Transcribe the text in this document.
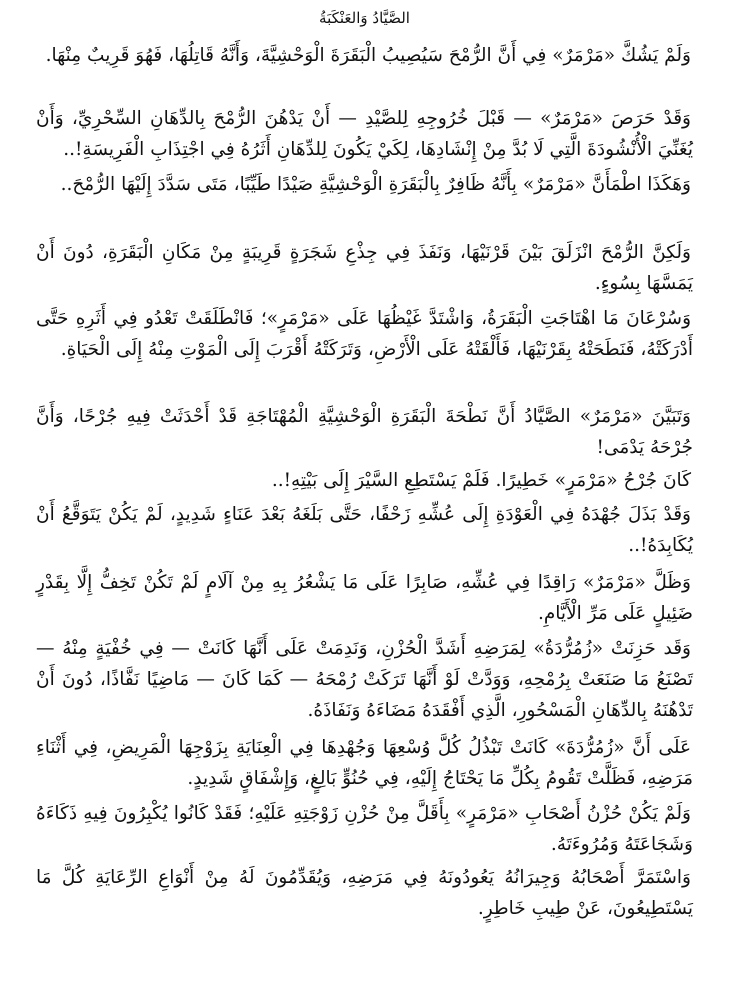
الصَّيَّادُ وَالعَنْكَبَةُ

وَلَمْ يَشُكَّ «مَرْمَرٌ» فِي أَنَّ الرُّمْحَ سَيُصِيبُ الْبَقَرَةَ الْوَحْشِيَّةَ، وَأَنَّهُ قَاتِلُهَا، فَهُوَ قَرِيبٌ مِنْهَا.

وَقَدْ حَرَصَ «مَرْمَرٌ» — قَبْلَ خُرُوجِهِ لِلصَّيْدِ — أَنْ يَدْهُنَ الرُّمْحَ بِالدِّهَانِ السِّحْرِيِّ، وَأَنْ يُغَنِّيَ الْأُنْشُودَةَ الَّتِي لَا بُدَّ مِنْ إِنْشَادِهَا، لِكَيْ يَكُونَ لِلدِّهَانِ أَثَرُهُ فِي اجْتِذَابِ الْفَرِيسَةِ!..

وَهَكَذَا اطْمَأَنَّ «مَرْمَرٌ» بِأَنَّهُ ظَافِرٌ بِالْبَقَرَةِ الْوَحْشِيَّةِ صَيْدًا طَيِّبًا، مَتَى سَدَّدَ إِلَيْهَا الرُّمْحَ..

وَلَكِنَّ الرُّمْحَ انْزَلَقَ بَيْنَ قَرْنَيْهَا، وَنَفَذَ فِي جِذْعِ شَجَرَةٍ قَرِيبَةٍ مِنْ مَكَانِ الْبَقَرَةِ، دُونَ أَنْ يَمَسَّهَا بِسُوءٍ.

وَسُرْعَانَ مَا اهْتَاجَتِ الْبَقَرَةُ، وَاشْتَدَّ غَيْظُهَا عَلَى «مَرْمَرٍ»؛ فَانْطَلَقَتْ تَعْدُو فِي أَثَرِهِ حَتَّى أَدْرَكَتْهُ، فَنَطَحَتْهُ بِقَرْنَيْهَا، فَأَلْقَتْهُ عَلَى الْأَرْضِ، وَتَرَكَتْهُ أَقْرَبَ إِلَى الْمَوْتِ مِنْهُ إِلَى الْحَيَاةِ.

وَتَبَيَّنَ «مَرْمَرٌ» الصَّيَّادُ أَنَّ نَطْحَةَ الْبَقَرَةِ الْوَحْشِيَّةِ الْمُهْتَاجَةِ قَدْ أَحْدَثَتْ فِيهِ جُرْحًا، وَأَنَّ جُرْحَهُ يَدْمَى!

كَانَ جُرْحُ «مَرْمَرٍ» خَطِيرًا. فَلَمْ يَسْتَطِعِ السَّيْرَ إِلَى بَيْتِهِ!..

وَقَدْ بَذَلَ جُهْدَهُ فِي الْعَوْدَةِ إِلَى عُشِّهِ زَحْفًا، حَتَّى بَلَغَهُ بَعْدَ عَنَاءٍ شَدِيدٍ، لَمْ يَكُنْ يَتَوَقَّعُ أَنْ يُكَابِدَهُ!..

وَظَلَّ «مَرْمَرٌ» رَاقِدًا فِي عُشِّهِ، صَابِرًا عَلَى مَا يَشْعُرُ بِهِ مِنْ آلَامٍ لَمْ تَكُنْ تَخِفُّ إِلَّا بِقَدْرٍ ضَئِيلٍ عَلَى مَرِّ الْأَيَّامِ.

وَقَد حَزِنَتْ «زُمُرُّدَةُ» لِمَرَضِهِ أَشَدَّ الْحُزْنِ، وَنَدِمَتْ عَلَى أَنَّهَا كَانَتْ — فِي خُفْيَةٍ مِنْهُ — تَصْنَعُ مَا صَنَعَتْ بِرُمْحِهِ، وَوَدَّتْ لَوْ أَنَّهَا تَرَكَتْ رُمْحَهُ — كَمَا كَانَ — مَاضِيًا نَفَّاذًا، دُونَ أَنْ تَدْهُنَهُ بِالدِّهَانِ الْمَسْحُورِ، الَّذِي أَفْقَدَهُ مَضَاءَهُ وَنَفَاذَهُ.

عَلَى أَنَّ «زُمُرُّدَةَ» كَانَتْ تَبْذُلُ كُلَّ وُسْعِهَا وَجُهْدِهَا فِي الْعِنَايَةِ بِزَوْجِهَا الْمَرِيضِ، فِي أَثْنَاءِ مَرَضِهِ، فَظَلَّتْ تَقُومُ بِكُلِّ مَا يَحْتَاجُ إِلَيْهِ، فِي حُنُوٍّ بَالِغٍ، وَإِشْفَاقٍ شَدِيدٍ.

وَلَمْ يَكُنْ حُزْنُ أَصْحَابِ «مَرْمَرٍ» بِأَقَلَّ مِنْ حُزْنِ زَوْجَتِهِ عَلَيْهِ؛ فَقَدْ كَانُوا يُكْبِرُونَ فِيهِ ذَكَاءَهُ وَشَجَاعَتَهُ وَمُرُوءَتَهُ.

وَاسْتَمَرَّ أَصْحَابُهُ وَجِيرَانُهُ يَعُودُونَهُ فِي مَرَضِهِ، وَيُقَدِّمُونَ لَهُ مِنْ أَنْوَاعِ الرِّعَايَةِ كُلَّ مَا يَسْتَطِيعُونَ، عَنْ طِيبِ خَاطِرٍ.
